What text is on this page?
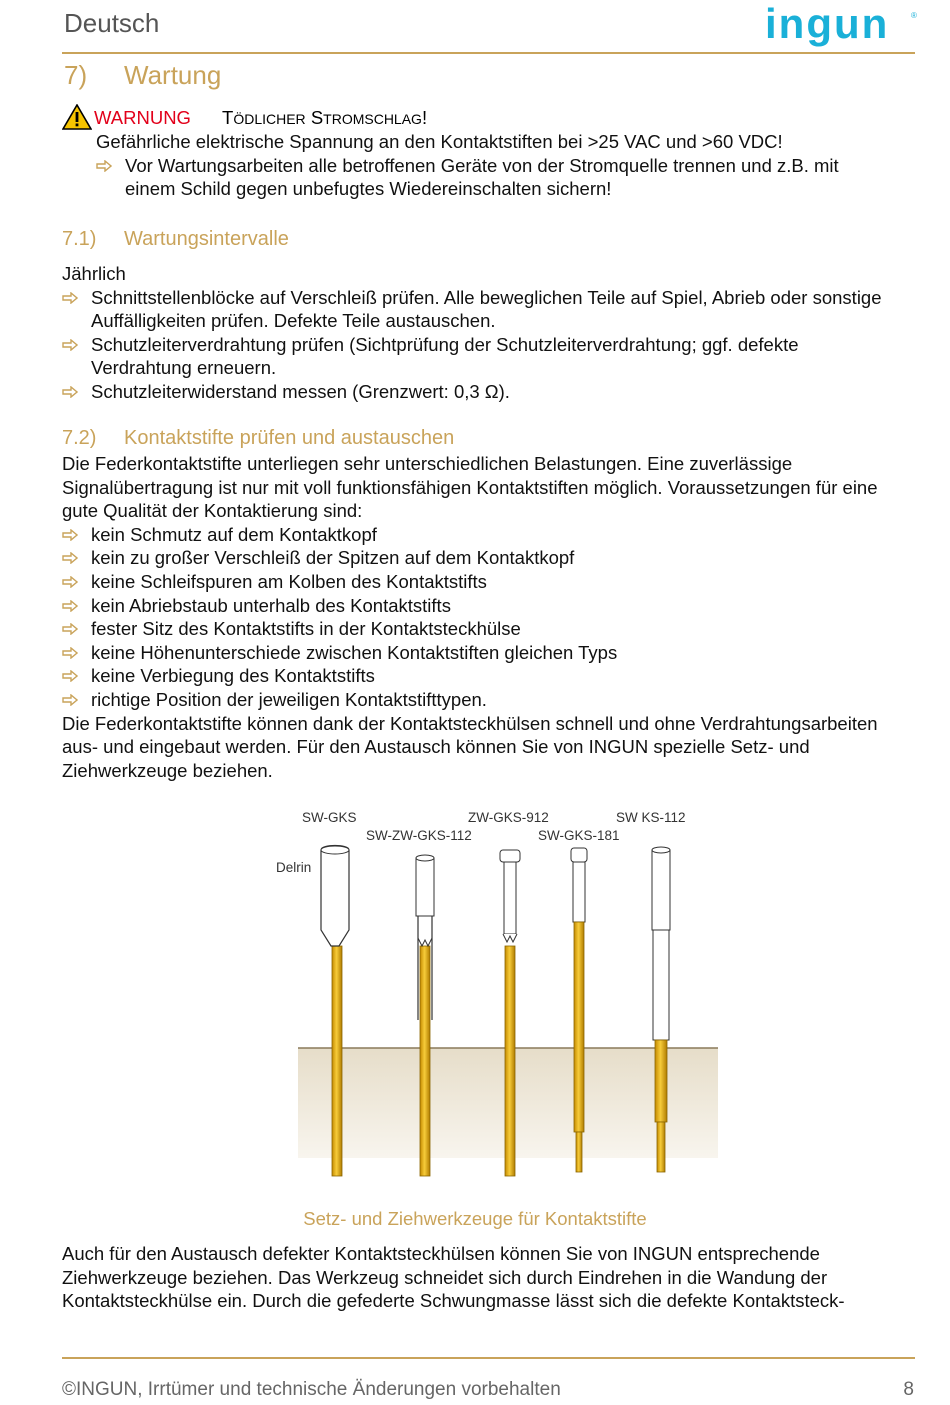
Deutsch	ingun	®
7) Wartung
WARNUNG TÖDLICHER STROMSCHLAG!
Gefährliche elektrische Spannung an den Kontaktstiften bei >25 VAC und >60 VDC!
Vor Wartungsarbeiten alle betroffenen Geräte von der Stromquelle trennen und z.B. mit
einem Schild gegen unbefugtes Wiedereinschalten sichern!
7.1) Wartungsintervalle
Jährlich
Schnittstellenblöcke auf Verschleiß prüfen. Alle beweglichen Teile auf Spiel, Abrieb oder sonstige Auffälligkeiten prüfen. Defekte Teile austauschen.
Schutzleiterverdrahtung prüfen (Sichtprüfung der Schutzleiterverdrahtung; ggf. defekte Verdrahtung erneuern.
Schutzleiterwiderstand messen (Grenzwert: 0,3 Ω).
7.2) Kontaktstifte prüfen und austauschen
Die Federkontaktstifte unterliegen sehr unterschiedlichen Belastungen. Eine zuverlässige Signalübertragung ist nur mit voll funktionsfähigen Kontaktstiften möglich. Voraussetzungen für eine gute Qualität der Kontaktierung sind:
kein Schmutz auf dem Kontaktkopf
kein zu großer Verschleiß der Spitzen auf dem Kontaktkopf
keine Schleifspuren am Kolben des Kontaktstifts
kein Abriebstaub unterhalb des Kontaktstifts
fester Sitz des Kontaktstifts in der Kontaktsteckhülse
keine Höhenunterschiede zwischen Kontaktstiften gleichen Typs
keine Verbiegung des Kontaktstifts
richtige Position der jeweiligen Kontaktstifttypen.
Die Federkontaktstifte können dank der Kontaktsteckhülsen schnell und ohne Verdrahtungsarbeiten aus- und eingebaut werden. Für den Austausch können Sie von INGUN spezielle Setz- und Ziehwerkzeuge beziehen.
SW-GKS	ZW-GKS-912	SW KS-112
SW-ZW-GKS-112	SW-GKS-181
Delrin
Setz- und Ziehwerkzeuge für Kontaktstifte
Auch für den Austausch defekter Kontaktsteckhülsen können Sie von INGUN entsprechende Ziehwerkzeuge beziehen. Das Werkzeug schneidet sich durch Eindrehen in die Wandung der Kontaktsteckhülse ein. Durch die gefederte Schwungmasse lässt sich die defekte Kontaktsteck-
©INGUN, Irrtümer und technische Änderungen vorbehalten	8
